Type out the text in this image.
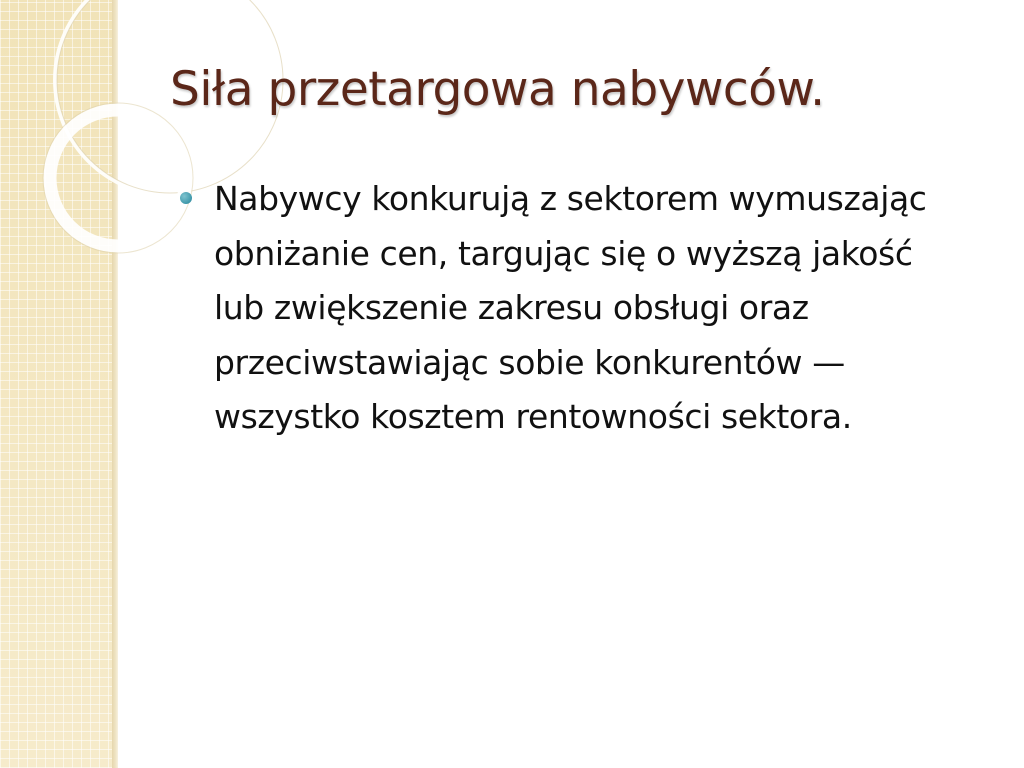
Siła przetargowa nabywców.
Nabywcy konkurują z sektorem wymuszając obniżanie cen, targując się o wyższą jakość lub zwiększenie zakresu obsługi oraz przeciwstawiając sobie konkurentów — wszystko kosztem rentowności sektora.
